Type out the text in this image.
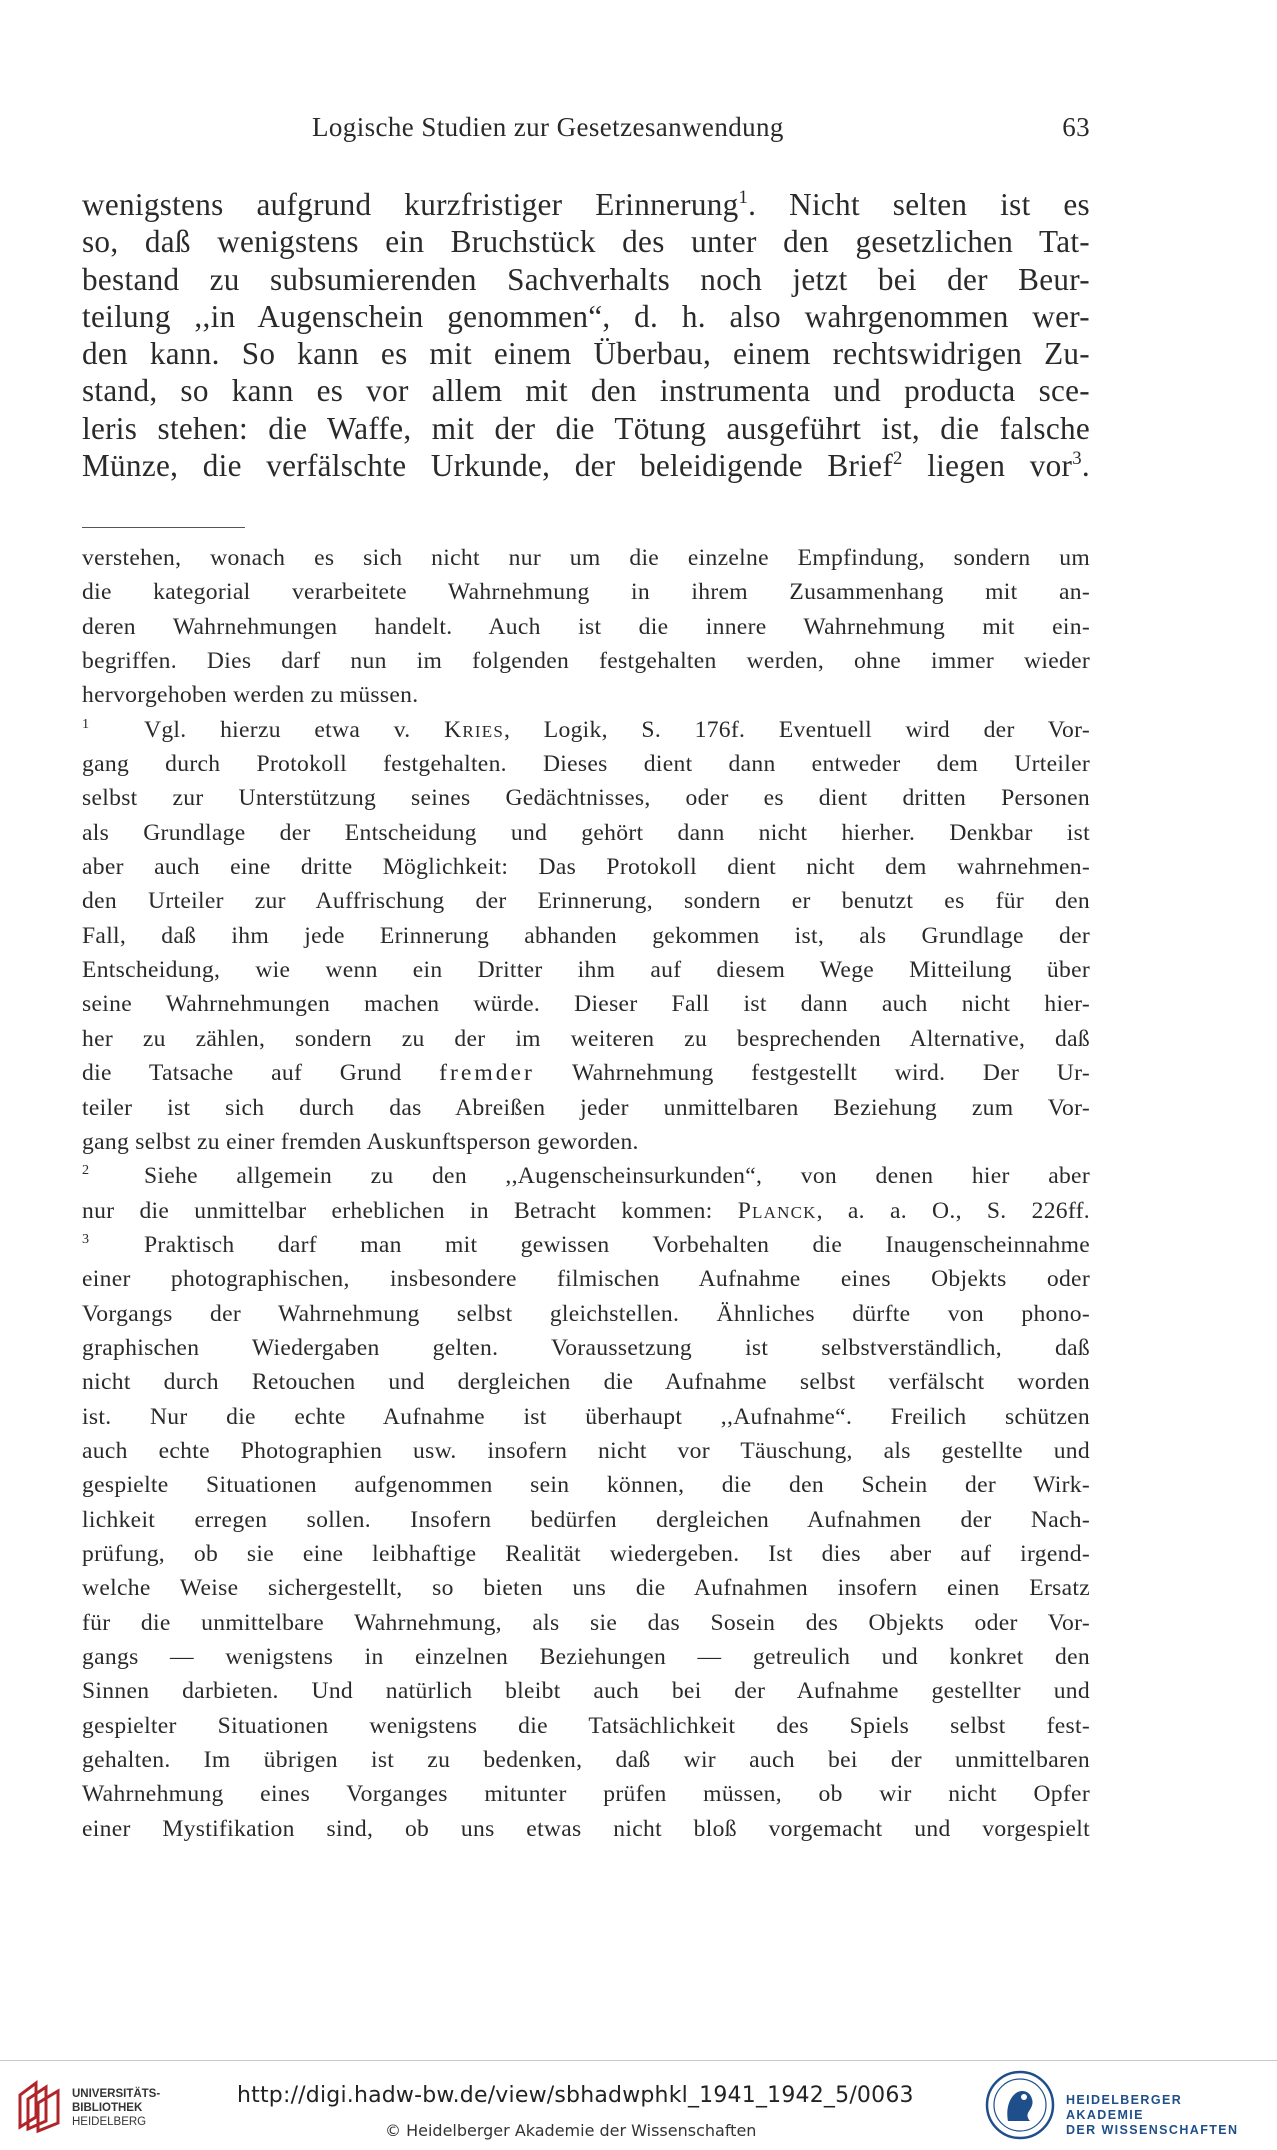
Logische Studien zur Gesetzesanwendung	63
wenigstens aufgrund kurzfristiger Erinnerung$^1$. Nicht selten ist es
so, daß wenigstens ein Bruchstück des unter den gesetzlichen Tat-
bestand zu subsumierenden Sachverhalts noch jetzt bei der Beur-
teilung ,,in Augenschein genommen“, d. h. also wahrgenommen wer-
den kann. So kann es mit einem Überbau, einem rechtswidrigen Zu-
stand, so kann es vor allem mit den instrumenta und producta sce-
leris stehen: die Waffe, mit der die Tötung ausgeführt ist, die falsche
Münze, die verfälschte Urkunde, der beleidigende Brief$^2$ liegen vor$^3$.
verstehen, wonach es sich nicht nur um die einzelne Empfindung, sondern um
die kategorial verarbeitete Wahrnehmung in ihrem Zusammenhang mit an-
deren Wahrnehmungen handelt. Auch ist die innere Wahrnehmung mit ein-
begriffen. Dies darf nun im folgenden festgehalten werden, ohne immer wieder
hervorgehoben werden zu müssen.
$^1$ Vgl. hierzu etwa v. Kries, Logik, S. 176f. Eventuell wird der Vor-
gang durch Protokoll festgehalten. Dieses dient dann entweder dem Urteiler
selbst zur Unterstützung seines Gedächtnisses, oder es dient dritten Personen
als Grundlage der Entscheidung und gehört dann nicht hierher. Denkbar ist
aber auch eine dritte Möglichkeit: Das Protokoll dient nicht dem wahrnehmen-
den Urteiler zur Auffrischung der Erinnerung, sondern er benutzt es für den
Fall, daß ihm jede Erinnerung abhanden gekommen ist, als Grundlage der
Entscheidung, wie wenn ein Dritter ihm auf diesem Wege Mitteilung über
seine Wahrnehmungen machen würde. Dieser Fall ist dann auch nicht hier-
her zu zählen, sondern zu der im weiteren zu besprechenden Alternative, daß
die Tatsache auf Grund fremder Wahrnehmung festgestellt wird. Der Ur-
teiler ist sich durch das Abreißen jeder unmittelbaren Beziehung zum Vor-
gang selbst zu einer fremden Auskunftsperson geworden.
$^2$ Siehe allgemein zu den ,,Augenscheinsurkunden“, von denen hier aber
nur die unmittelbar erheblichen in Betracht kommen: Planck, a. a. O., S. 226ff.
$^3$ Praktisch darf man mit gewissen Vorbehalten die Inaugenscheinnahme
einer photographischen, insbesondere filmischen Aufnahme eines Objekts oder
Vorgangs der Wahrnehmung selbst gleichstellen. Ähnliches dürfte von phono-
graphischen Wiedergaben gelten. Voraussetzung ist selbstverständlich, daß
nicht durch Retouchen und dergleichen die Aufnahme selbst verfälscht worden
ist. Nur die echte Aufnahme ist überhaupt ,,Aufnahme“. Freilich schützen
auch echte Photographien usw. insofern nicht vor Täuschung, als gestellte und
gespielte Situationen aufgenommen sein können, die den Schein der Wirk-
lichkeit erregen sollen. Insofern bedürfen dergleichen Aufnahmen der Nach-
prüfung, ob sie eine leibhaftige Realität wiedergeben. Ist dies aber auf irgend-
welche Weise sichergestellt, so bieten uns die Aufnahmen insofern einen Ersatz
für die unmittelbare Wahrnehmung, als sie das Sosein des Objekts oder Vor-
gangs — wenigstens in einzelnen Beziehungen — getreulich und konkret den
Sinnen darbieten. Und natürlich bleibt auch bei der Aufnahme gestellter und
gespielter Situationen wenigstens die Tatsächlichkeit des Spiels selbst fest-
gehalten. Im übrigen ist zu bedenken, daß wir auch bei der unmittelbaren
Wahrnehmung eines Vorganges mitunter prüfen müssen, ob wir nicht Opfer
einer Mystifikation sind, ob uns etwas nicht bloß vorgemacht und vorgespielt
UNIVERSITÄTS-
BIBLIOTHEK
HEIDELBERG
http://digi.hadw-bw.de/view/sbhadwphkl_1941_1942_5/0063
© Heidelberger Akademie der Wissenschaften
HEIDELBERGER AKADEMIE
DER WISSENSCHAFTEN
